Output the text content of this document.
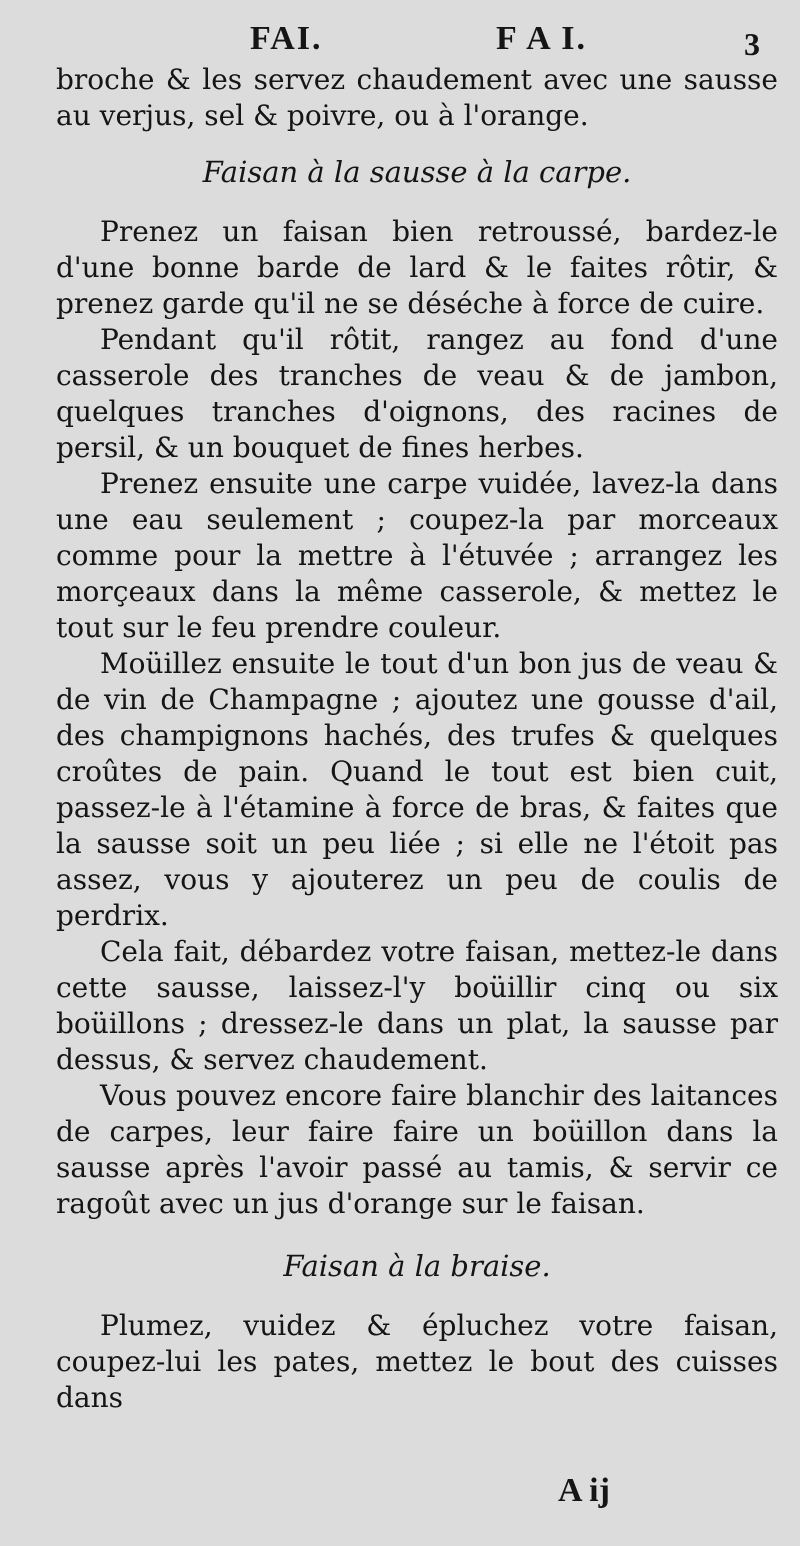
FAI.	F A I.	3

broche & les servez chaudement avec une sausse au verjus, sel & poivre, ou à l'orange.

Faisan à la sausse à la carpe.

Prenez un faisan bien retroussé, bardez-le d'une bonne barde de lard & le faites rôtir, & prenez garde qu'il ne se déséche à force de cuire.

Pendant qu'il rôtit, rangez au fond d'une casserole des tranches de veau & de jambon, quelques tranches d'oignons, des racines de persil, & un bouquet de fines herbes.

Prenez ensuite une carpe vuidée, lavez-la dans une eau seulement ; coupez-la par morceaux comme pour la mettre à l'étuvée ; arrangez les morçeaux dans la même casserole, & mettez le tout sur le feu prendre couleur.

Moüillez ensuite le tout d'un bon jus de veau & de vin de Champagne ; ajoutez une gousse d'ail, des champignons hachés, des trufes & quelques croûtes de pain. Quand le tout est bien cuit, passez-le à l'étamine à force de bras, & faites que la sausse soit un peu liée ; si elle ne l'étoit pas assez, vous y ajouterez un peu de coulis de perdrix.

Cela fait, débardez votre faisan, mettez-le dans cette sausse, laissez-l'y boüillir cinq ou six boüillons ; dressez-le dans un plat, la sausse par dessus, & servez chaudement.

Vous pouvez encore faire blanchir des laitances de carpes, leur faire faire un boüillon dans la sausse après l'avoir passé au tamis, & servir ce ragoût avec un jus d'orange sur le faisan.

Faisan à la braise.

Plumez, vuidez & épluchez votre faisan, coupez-lui les pates, mettez le bout des cuisses dans

A ij
